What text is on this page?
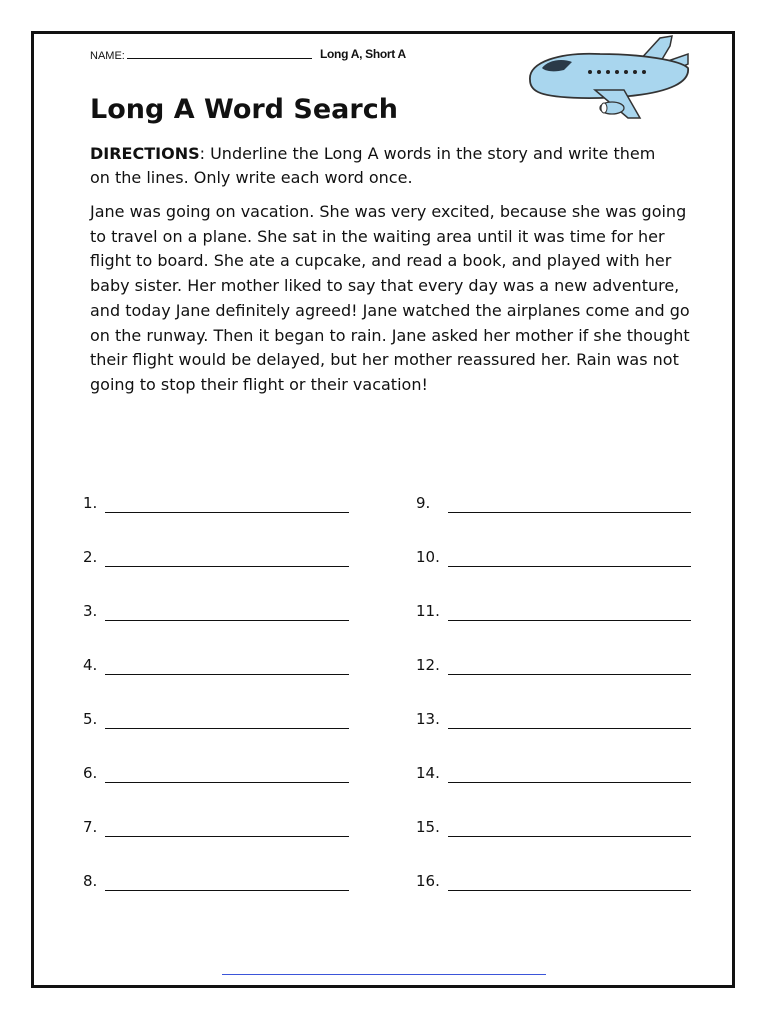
NAME:	Long A, Short A
Long A Word Search
DIRECTIONS: Underline the Long A words in the story and write them on the lines. Only write each word once.
Jane was going on vacation. She was very excited, because she was going to travel on a plane. She sat in the waiting area until it was time for her flight to board. She ate a cupcake, and read a book, and played with her baby sister. Her mother liked to say that every day was a new adventure, and today Jane definitely agreed! Jane watched the airplanes come and go on the runway. Then it began to rain. Jane asked her mother if she thought their flight would be delayed, but her mother reassured her. Rain was not going to stop their flight or their vacation!
1.
2.
3.
4.
5.
6.
7.
8.
9.
10.
11.
12.
13.
14.
15.
16.
